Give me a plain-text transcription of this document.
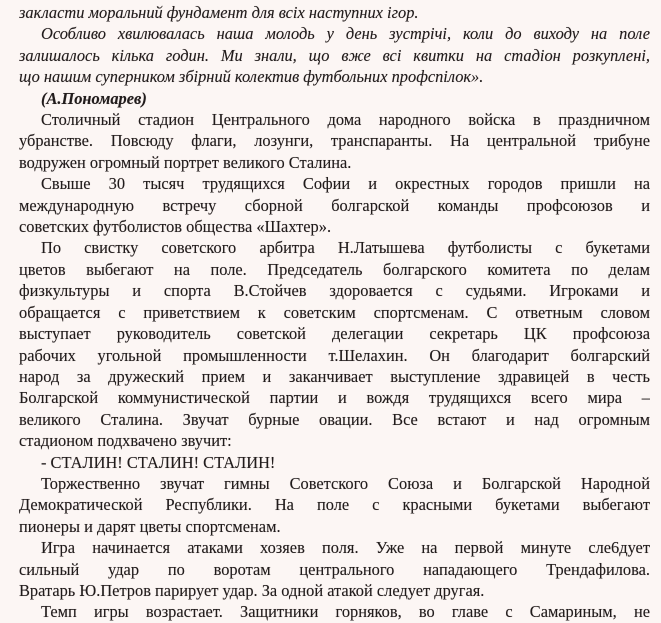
закласти моральний фундамент для всіх наступних ігор.
Особливо хвилювалась наша молодь у день зустрічі, коли до виходу на поле
залишалось кілька годин. Ми знали, що вже всі квитки на стадіон розкуплені,
що нашим суперником збірний колектив футбольних профспілок».
(А.Пономарев)
Столичный стадион Центрального дома народного войска в праздничном
убранстве. Повсюду флаги, лозунги, транспаранты. На центральной трибуне
водружен огромный портрет великого Сталина.
Свыше 30 тысяч трудящихся Софии и окрестных городов пришли на
международную встречу сборной болгарской команды профсоюзов и
советских футболистов общества «Шахтер».
По свистку советского арбитра Н.Латышева футболисты с букетами
цветов выбегают на поле. Председатель болгарского комитета по делам
физкультуры и спорта В.Стойчев здоровается с судьями. Игроками и
обращается с приветствием к советским спортсменам. С ответным словом
выступает руководитель советской делегации секретарь ЦК профсоюза
рабочих угольной промышленности т.Шелахин. Он благодарит болгарский
народ за дружеский прием и заканчивает выступление здравицей в честь
Болгарской коммунистической партии и вождя трудящихся всего мира –
великого Сталина. Звучат бурные овации. Все встают и над огромным
стадионом подхвачено звучит:
- СТАЛИН! СТАЛИН! СТАЛИН!
Торжественно звучат гимны Советского Союза и Болгарской Народной
Демократической Республики. На поле с красными букетами выбегают
пионеры и дарят цветы спортсменам.
Игра начинается атаками хозяев поля. Уже на первой минуте сле6дует
сильный удар по воротам центрального нападающего Трендафилова.
Вратарь Ю.Петров парирует удар. За одной атакой следует другая.
Темп игры возрастает. Защитники горняков, во главе с Самариным, не
